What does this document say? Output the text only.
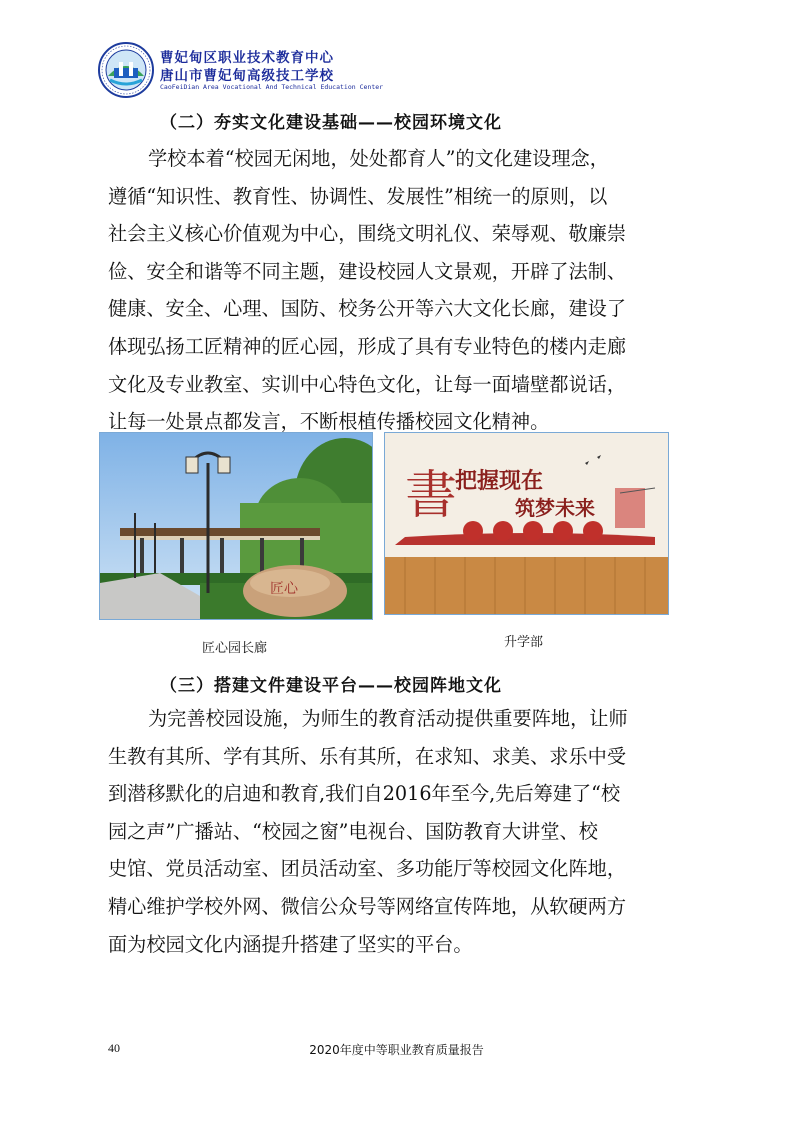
曹妃甸区职业技术教育中心
唐山市曹妃甸高级技工学校
CaoFeiDian Area Vocational And Technical Education Center
（二）夯实文化建设基础——校园环境文化
学校本着“校园无闲地，处处都育人”的文化建设理念，
遵循“知识性、教育性、协调性、发展性”相统一的原则，以
社会主义核心价值观为中心，围绕文明礼仪、荣辱观、敬廉崇
俭、安全和谐等不同主题，建设校园人文景观，开辟了法制、
健康、安全、心理、国防、校务公开等六大文化长廊，建设了
体现弘扬工匠精神的匠心园，形成了具有专业特色的楼内走廊
文化及专业教室、实训中心特色文化，让每一面墙壁都说话，
让每一处景点都发言，不断根植传播校园文化精神。
匠心
匠心园长廊
書
把握现在
筑梦未来
升学部
（三）搭建文件建设平台——校园阵地文化
为完善校园设施，为师生的教育活动提供重要阵地，让师
生教有其所、学有其所、乐有其所，在求知、求美、求乐中受
到潜移默化的启迪和教育,我们自2016年至今,先后筹建了“校
园之声”广播站、“校园之窗”电视台、国防教育大讲堂、校
史馆、党员活动室、团员活动室、多功能厅等校园文化阵地，
精心维护学校外网、微信公众号等网络宣传阵地，从软硬两方
面为校园文化内涵提升搭建了坚实的平台。
2020年度中等职业教育质量报告
40
